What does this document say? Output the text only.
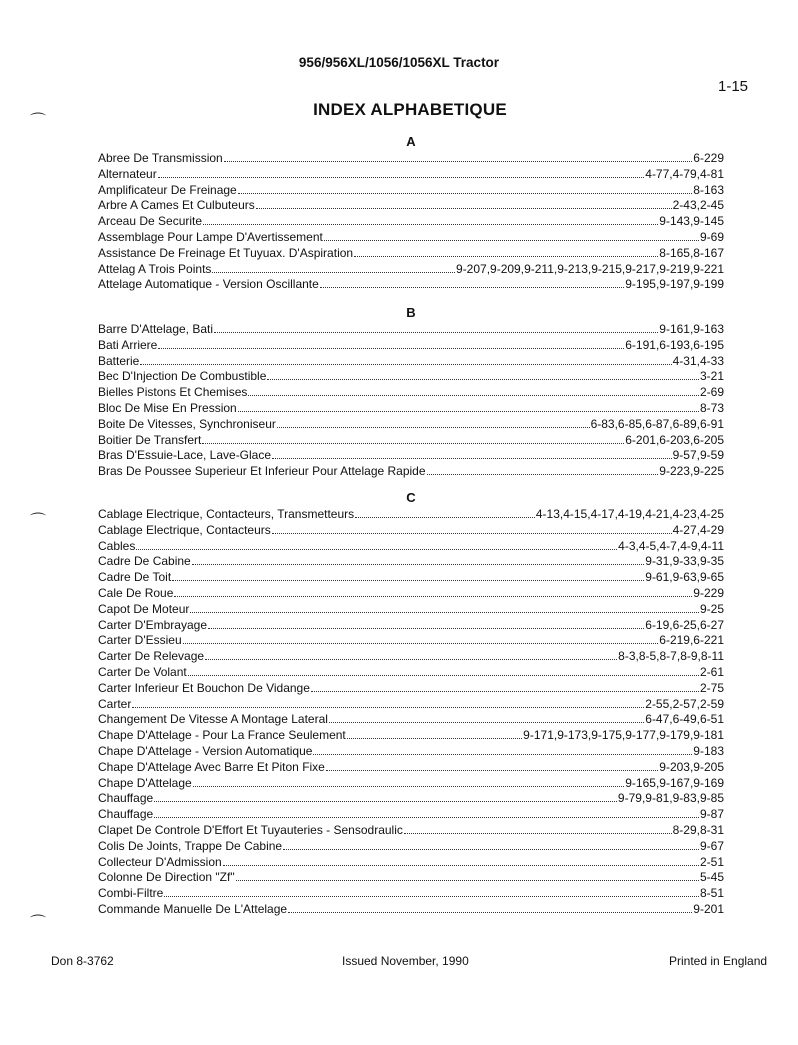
956/956XL/1056/1056XL Tractor
1-15
INDEX ALPHABETIQUE
⌒
⌒
⌒
A
Abree De Transmission	6-229
Alternateur	4-77,4-79,4-81
Amplificateur De Freinage	8-163
Arbre A Cames Et Culbuteurs	2-43,2-45
Arceau De Securite	9-143,9-145
Assemblage Pour Lampe D'Avertissement	9-69
Assistance De Freinage Et Tuyuax. D'Aspiration	8-165,8-167
Attelag A Trois Points	9-207,9-209,9-211,9-213,9-215,9-217,9-219,9-221
Attelage Automatique - Version Oscillante	9-195,9-197,9-199
B
Barre D'Attelage, Bati	9-161,9-163
Bati Arriere	6-191,6-193,6-195
Batterie	4-31,4-33
Bec D'Injection De Combustible	3-21
Bielles Pistons Et Chemises	2-69
Bloc De Mise En Pression	8-73
Boite De Vitesses, Synchroniseur	6-83,6-85,6-87,6-89,6-91
Boitier De Transfert	6-201,6-203,6-205
Bras D'Essuie-Lace, Lave-Glace	9-57,9-59
Bras De Poussee Superieur Et Inferieur Pour Attelage Rapide	9-223,9-225
C
Cablage Electrique, Contacteurs, Transmetteurs	4-13,4-15,4-17,4-19,4-21,4-23,4-25
Cablage Electrique, Contacteurs	4-27,4-29
Cables	4-3,4-5,4-7,4-9,4-11
Cadre De Cabine	9-31,9-33,9-35
Cadre De Toit	9-61,9-63,9-65
Cale De Roue	9-229
Capot De Moteur	9-25
Carter D'Embrayage	6-19,6-25,6-27
Carter D'Essieu	6-219,6-221
Carter De Relevage	8-3,8-5,8-7,8-9,8-11
Carter De Volant	2-61
Carter Inferieur Et Bouchon De Vidange	2-75
Carter	2-55,2-57,2-59
Changement De Vitesse A Montage Lateral	6-47,6-49,6-51
Chape D'Attelage - Pour La France Seulement	9-171,9-173,9-175,9-177,9-179,9-181
Chape D'Attelage - Version Automatique	9-183
Chape D'Attelage Avec Barre Et Piton Fixe	9-203,9-205
Chape D'Attelage	9-165,9-167,9-169
Chauffage	9-79,9-81,9-83,9-85
Chauffage	9-87
Clapet De Controle D'Effort Et Tuyauteries - Sensodraulic	8-29,8-31
Colis De Joints, Trappe De Cabine	9-67
Collecteur D'Admission	2-51
Colonne De Direction "Zf"	5-45
Combi-Filtre	8-51
Commande Manuelle De L'Attelage	9-201
Don 8-3762	Issued November, 1990	Printed in England
